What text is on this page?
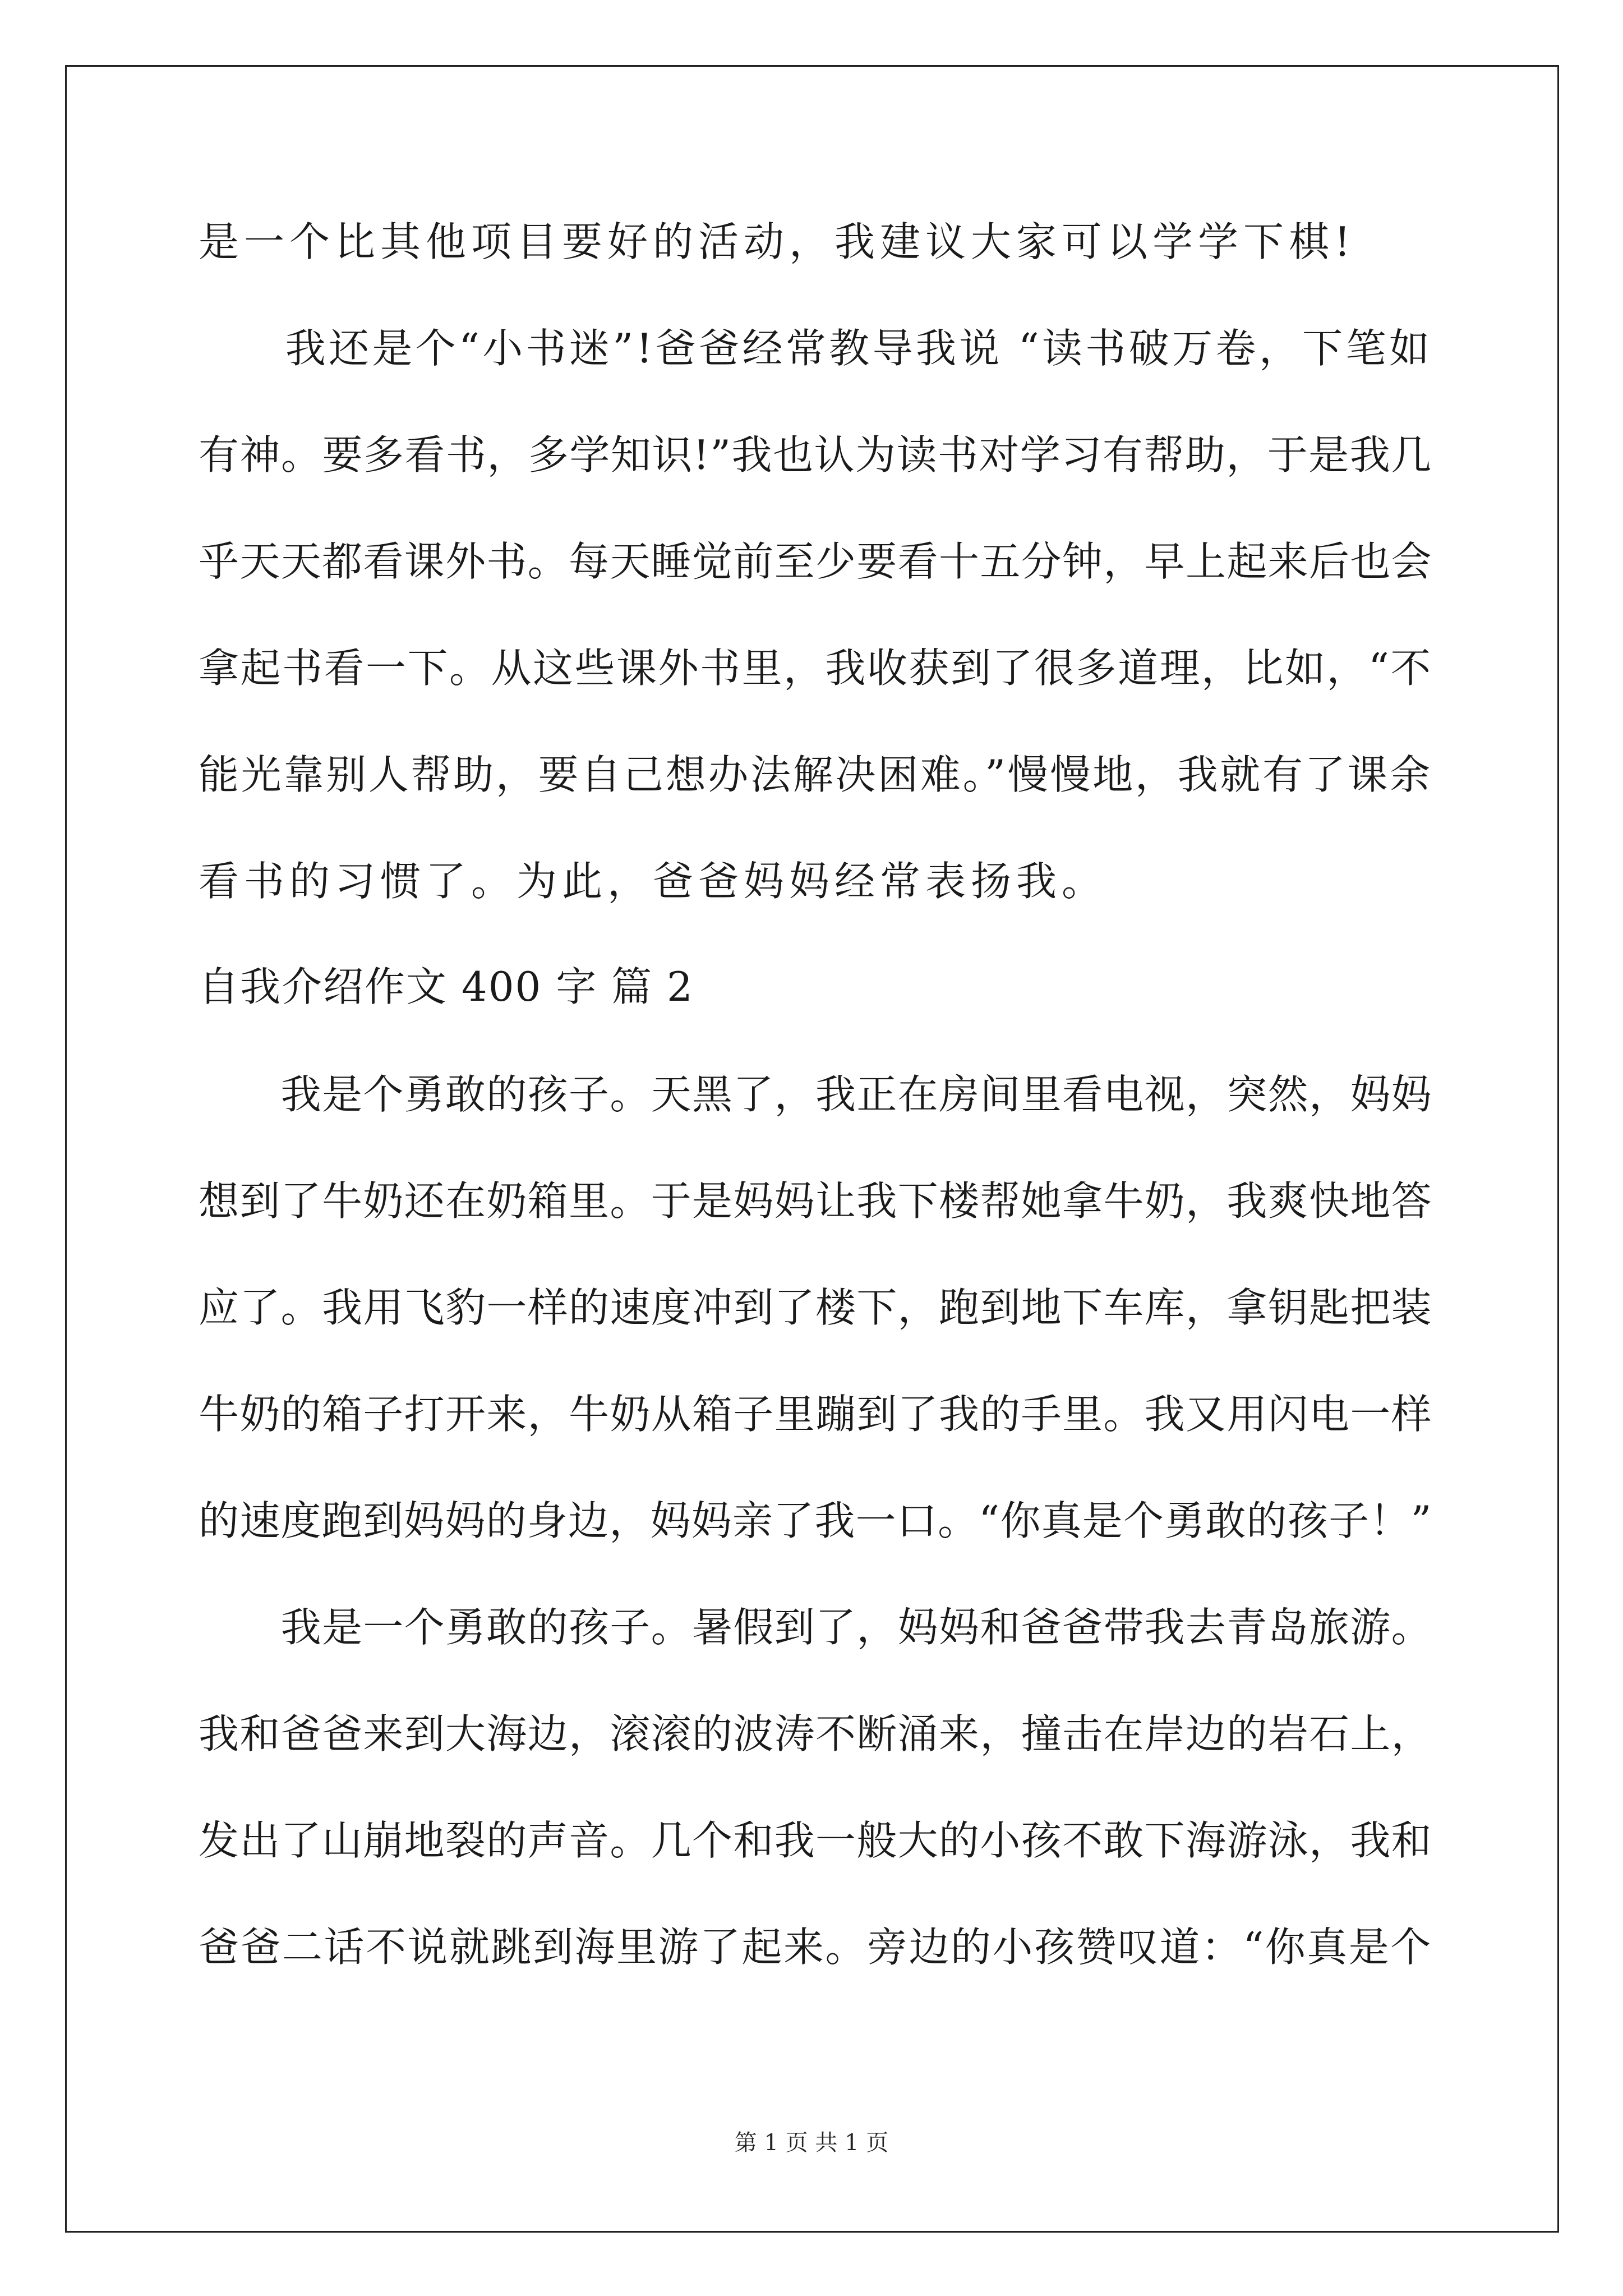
是一个比其他项目要好的活动，我建议大家可以学学下棋!
　　我还是个“小书迷”!爸爸经常教导我说 “读书破万卷，下笔如
有神。要多看书，多学知识!”我也认为读书对学习有帮助，于是我几
乎天天都看课外书。每天睡觉前至少要看十五分钟，早上起来后也会
拿起书看一下。从这些课外书里，我收获到了很多道理，比如，“不
能光靠别人帮助，要自己想办法解决困难。”慢慢地，我就有了课余
看书的习惯了。为此，爸爸妈妈经常表扬我。
自我介绍作文 400 字 篇 2
　　我是个勇敢的孩子。天黑了，我正在房间里看电视，突然，妈妈
想到了牛奶还在奶箱里。于是妈妈让我下楼帮她拿牛奶，我爽快地答
应了。我用飞豹一样的速度冲到了楼下，跑到地下车库，拿钥匙把装
牛奶的箱子打开来，牛奶从箱子里蹦到了我的手里。我又用闪电一样
的速度跑到妈妈的身边，妈妈亲了我一口。“你真是个勇敢的孩子！”
　　我是一个勇敢的孩子。暑假到了，妈妈和爸爸带我去青岛旅游。
我和爸爸来到大海边，滚滚的波涛不断涌来，撞击在岸边的岩石上，
发出了山崩地裂的声音。几个和我一般大的小孩不敢下海游泳，我和
爸爸二话不说就跳到海里游了起来。旁边的小孩赞叹道：“你真是个
第 1 页 共 1 页
